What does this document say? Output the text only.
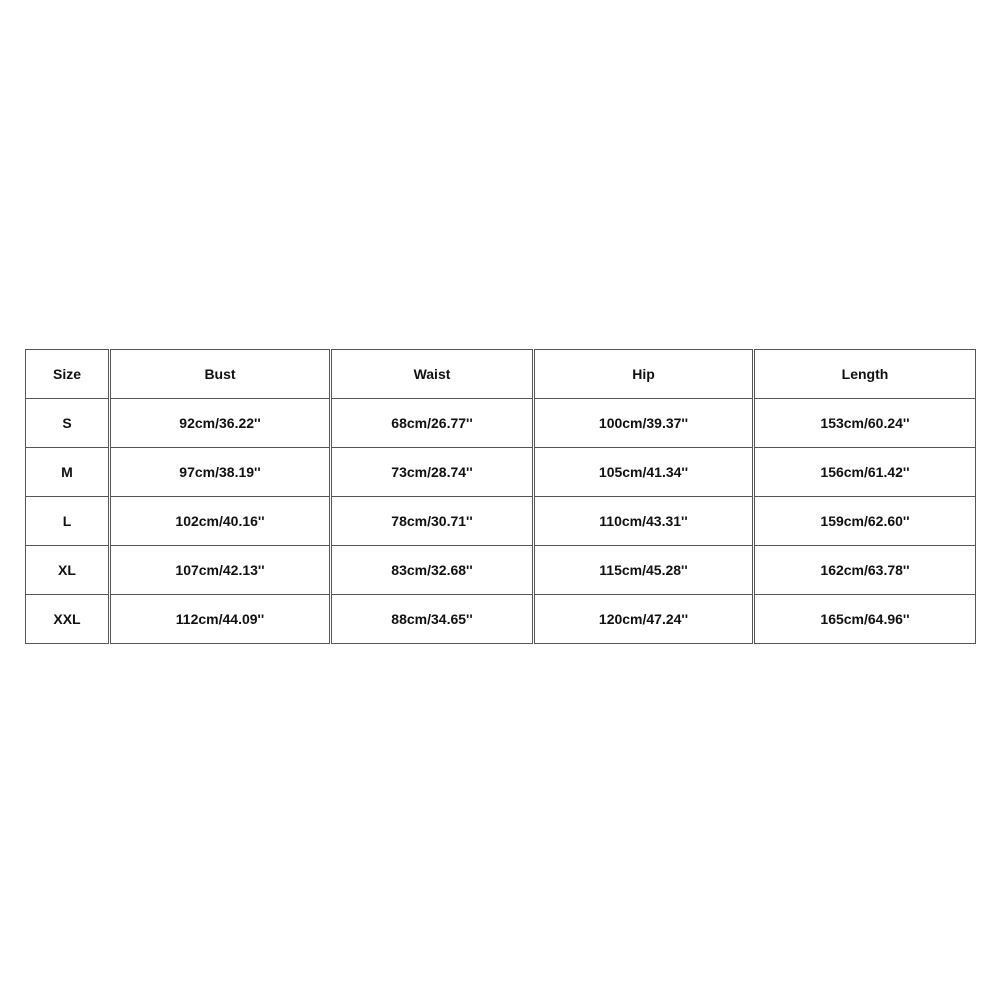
Size	Bust	Waist	Hip	Length
S	92cm/36.22''	68cm/26.77''	100cm/39.37''	153cm/60.24''
M	97cm/38.19''	73cm/28.74''	105cm/41.34''	156cm/61.42''
L	102cm/40.16''	78cm/30.71''	110cm/43.31''	159cm/62.60''
XL	107cm/42.13''	83cm/32.68''	115cm/45.28''	162cm/63.78''
XXL	112cm/44.09''	88cm/34.65''	120cm/47.24''	165cm/64.96''
